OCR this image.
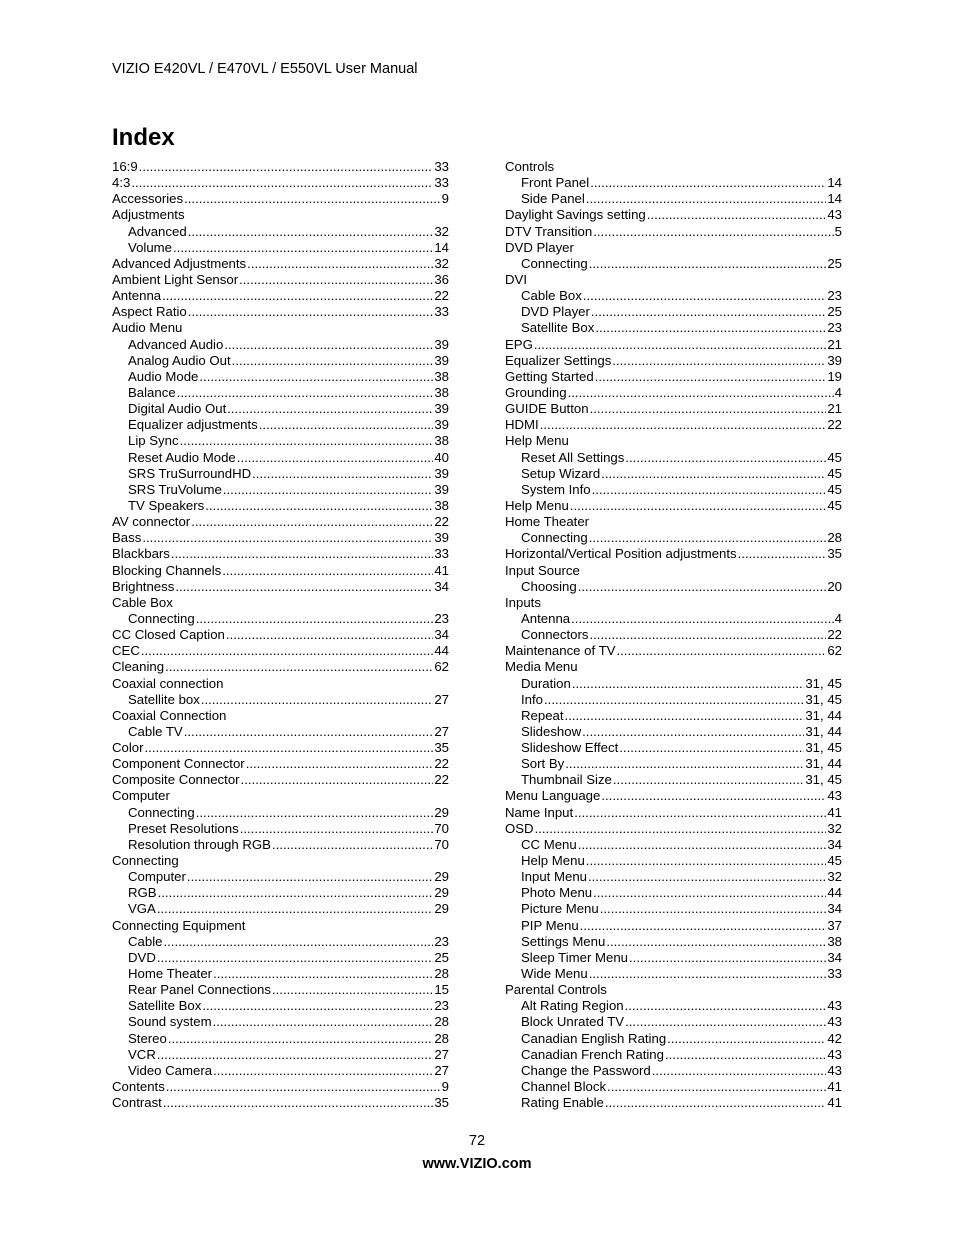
VIZIO E420VL / E470VL / E550VL User Manual
Index
16:9 .....	33
4:3 .....	33
Accessories .....	9
Adjustments
Advanced .....	32
Volume .....	14
Advanced Adjustments .....	32
Ambient Light Sensor .....	36
Antenna .....	22
Aspect Ratio .....	33
Audio Menu
Advanced Audio .....	39
Analog Audio Out .....	39
Audio Mode .....	38
Balance .....	38
Digital Audio Out .....	39
Equalizer adjustments .....	39
Lip Sync .....	38
Reset Audio Mode .....	40
SRS TruSurroundHD .....	39
SRS TruVolume .....	39
TV Speakers .....	38
AV connector .....	22
Bass .....	39
Blackbars .....	33
Blocking Channels .....	41
Brightness .....	34
Cable Box
Connecting .....	23
CC Closed Caption .....	34
CEC .....	44
Cleaning .....	62
Coaxial connection
Satellite box .....	27
Coaxial Connection
Cable TV .....	27
Color .....	35
Component Connector .....	22
Composite Connector .....	22
Computer
Connecting .....	29
Preset Resolutions .....	70
Resolution through RGB .....	70
Connecting
Computer .....	29
RGB .....	29
VGA .....	29
Connecting Equipment
Cable .....	23
DVD .....	25
Home Theater .....	28
Rear Panel Connections .....	15
Satellite Box .....	23
Sound system .....	28
Stereo .....	28
VCR .....	27
Video Camera .....	27
Contents .....	9
Contrast .....	35
Controls
Front Panel .....	14
Side Panel .....	14
Daylight Savings setting .....	43
DTV Transition .....	5
DVD Player
Connecting .....	25
DVI
Cable Box .....	23
DVD Player .....	25
Satellite Box .....	23
EPG .....	21
Equalizer Settings .....	39
Getting Started .....	19
Grounding .....	4
GUIDE Button .....	21
HDMI .....	22
Help Menu
Reset All Settings .....	45
Setup Wizard .....	45
System Info .....	45
Help Menu .....	45
Home Theater
Connecting .....	28
Horizontal/Vertical Position adjustments .....	35
Input Source
Choosing .....	20
Inputs
Antenna .....	4
Connectors .....	22
Maintenance of TV .....	62
Media Menu
Duration .....	31, 45
Info .....	31, 45
Repeat .....	31, 44
Slideshow .....	31, 44
Slideshow Effect .....	31, 45
Sort By .....	31, 44
Thumbnail Size .....	31, 45
Menu Language .....	43
Name Input .....	41
OSD .....	32
CC Menu .....	34
Help Menu .....	45
Input Menu .....	32
Photo Menu .....	44
Picture Menu .....	34
PIP Menu .....	37
Settings Menu .....	38
Sleep Timer Menu .....	34
Wide Menu .....	33
Parental Controls
Alt Rating Region .....	43
Block Unrated TV .....	43
Canadian English Rating .....	42
Canadian French Rating .....	43
Change the Password .....	43
Channel Block .....	41
Rating Enable .....	41
72
www.VIZIO.com
